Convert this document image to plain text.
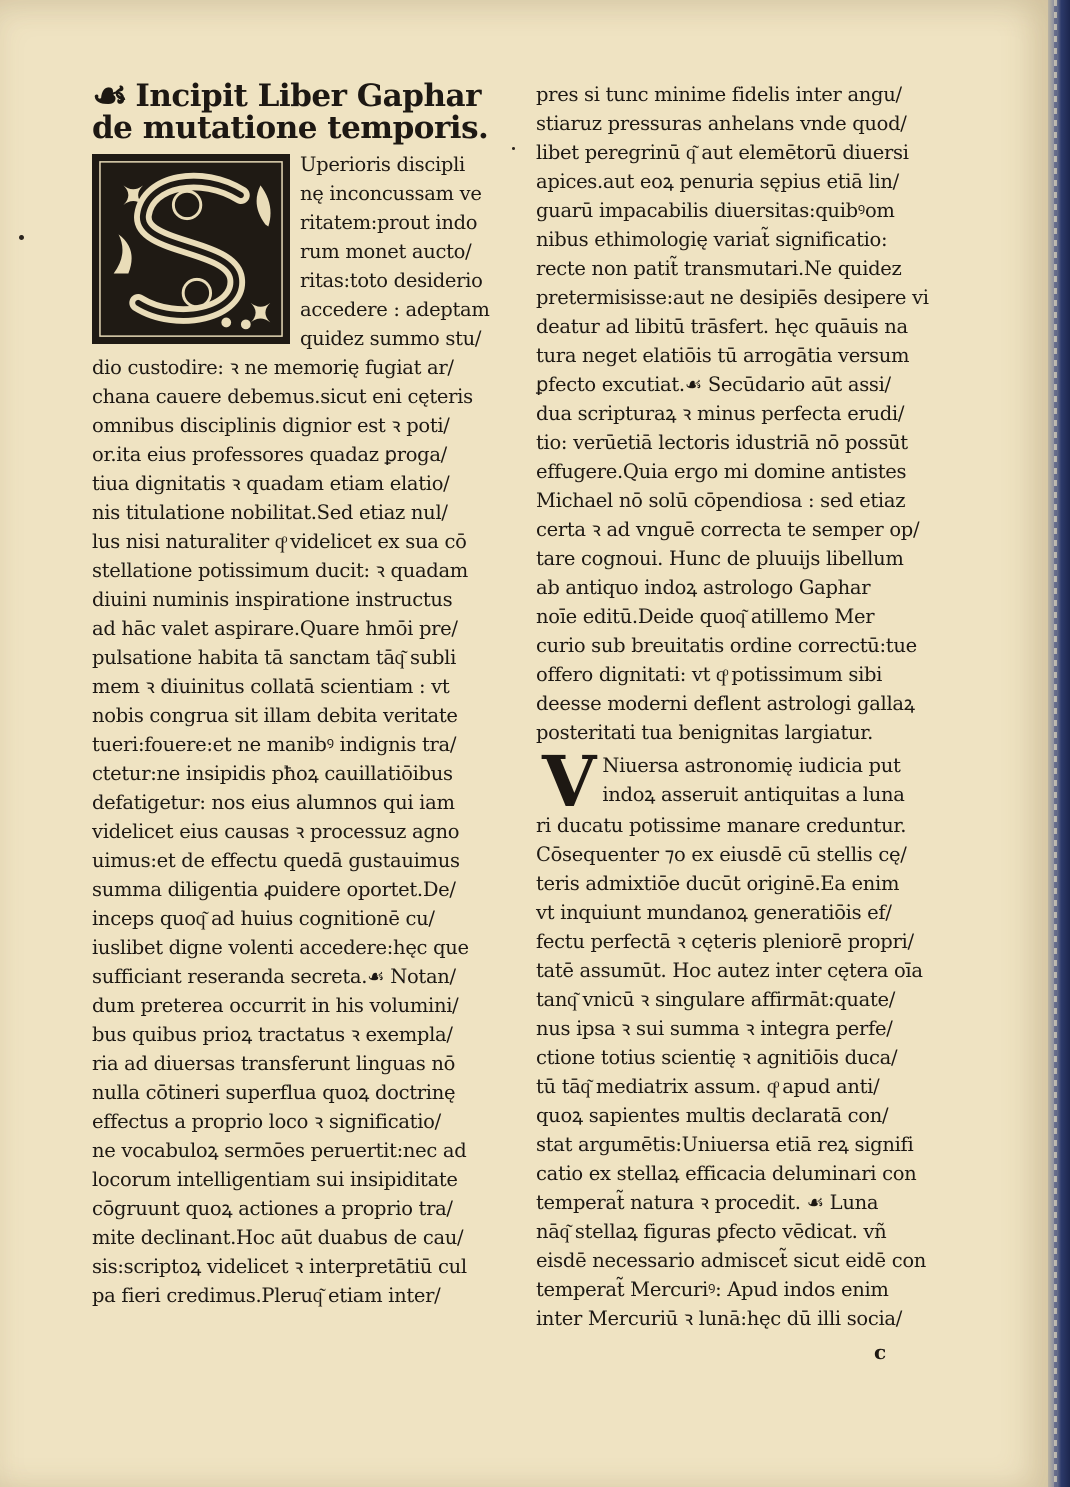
☙ Incipit Liber Gaphar
de mutatione temporis.
Uperioris discipli
nę inconcussam ve
ritatem:prout indo
rum monet aucto/
ritas:toto desiderio
accedere : adeptam
quidez summo stu/
dio custodire: ꝛ ne memorię fugiat ar/
chana cauere debemus.sicut eni cęteris
omnibus disciplinis dignior est ꝛ poti/
or.ita eius professores quadaz ꝑroga/
tiua dignitatis ꝛ quadam etiam elatio/
nis titulatione nobilitat.Sed etiaz nul/
lus nisi naturaliter qͦ videlicet ex sua cō
stellatione potissimum ducit: ꝛ quadam
diuini numinis inspiratione instructus
ad hāc valet aspirare.Quare hmōi pre/
pulsatione habita tā sanctam tāq͂ subli
mem ꝛ diuinitus collatā scientiam : vt
nobis congrua sit illam debita veritate
tueri:fouere:et ne manibꝰ indignis tra/
ctetur:ne insipidis pħoꝝ cauillatiōibus
defatigetur: nos eius alumnos qui iam
videlicet eius causas ꝛ processuz agno
uimus:et de effectu quedā gustauimus
summa diligentia ꝓuidere oportet.De/
inceps quoq͂ ad huius cognitionē cu/
iuslibet digne volenti accedere:hęc que
sufficiant reseranda secreta.☙ Notan/
dum preterea occurrit in his volumini/
bus quibus prioꝝ tractatus ꝛ exempla/
ria ad diuersas transferunt linguas nō
nulla cōtineri superflua quoꝝ doctrinę
effectus a proprio loco ꝛ significatio/
ne vocabuloꝝ sermōes peruertit:nec ad
locorum intelligentiam sui insipiditate
cōgruunt quoꝝ actiones a proprio tra/
mite declinant.Hoc aūt duabus de cau/
sis:scriptoꝝ videlicet ꝛ interpretātiū cul
pa fieri credimus.Pleruq͂ etiam inter/
pres si tunc minime fidelis inter angu/
stiaruz pressuras anhelans vnde quod/
libet peregrinū q͂ aut elemētorū diuersi
apices.aut eoꝝ penuria sępius etiā lin/
guarū impacabilis diuersitas:quibꝰom
nibus ethimologię variat̃ significatio:
recte non patit̃ transmutari.Ne quidez
pretermisisse:aut ne desipiēs desipere vi
deatur ad libitū trāsfert. hęc quāuis na
tura neget elatiōis tū arrogātia versum
ꝑfecto excutiat.☙ Secūdario aūt assi/
dua scripturaꝝ ꝛ minus perfecta erudi/
tio: verūetiā lectoris idustriā nō possūt
effugere.Quia ergo mi domine antistes
Michael nō solū cōpendiosa : sed etiaz
certa ꝛ ad vnguē correcta te semper op/
tare cognoui. Hunc de pluuijs libellum
ab antiquo indoꝝ astrologo Gaphar
noīe editū.Deide quoq͂ atillemo Mer
curio sub breuitatis ordine correctū:tue
offero dignitati: vt qͦ potissimum sibi
deesse moderni deflent astrologi gallaꝝ
posteritati tua benignitas largiatur.
V Niuersa astronomię iudicia put
indoꝝ asseruit antiquitas a luna
ri ducatu potissime manare creduntur.
Cōsequenter ⁊o ex eiusdē cū stellis cę/
teris admixtiōe ducūt originē.Ea enim
vt inquiunt mundanoꝝ generatiōis ef/
fectu perfectā ꝛ cęteris pleniorē propri/
tatē assumūt. Hoc autez inter cętera oīa
tanq͂ vnicū ꝛ singulare affirmāt:quate/
nus ipsa ꝛ sui summa ꝛ integra perfe/
ctione totius scientię ꝛ agnitiōis duca/
tū tāq͂ mediatrix assum. qͦ apud anti/
quoꝝ sapientes multis declaratā con/
stat argumētis:Uniuersa etiā reꝝ signifi
catio ex stellaꝝ efficacia deluminari con
temperat̃ natura ꝛ procedit. ☙ Luna
nāq͂ stellaꝝ figuras ꝑfecto vēdicat. vñ
eisdē necessario admiscet̃ sicut eidē con
temperat̃ Mercuriꝰ: Apud indos enim
inter Mercuriū ꝛ lunā:hęc dū illi socia/
c
